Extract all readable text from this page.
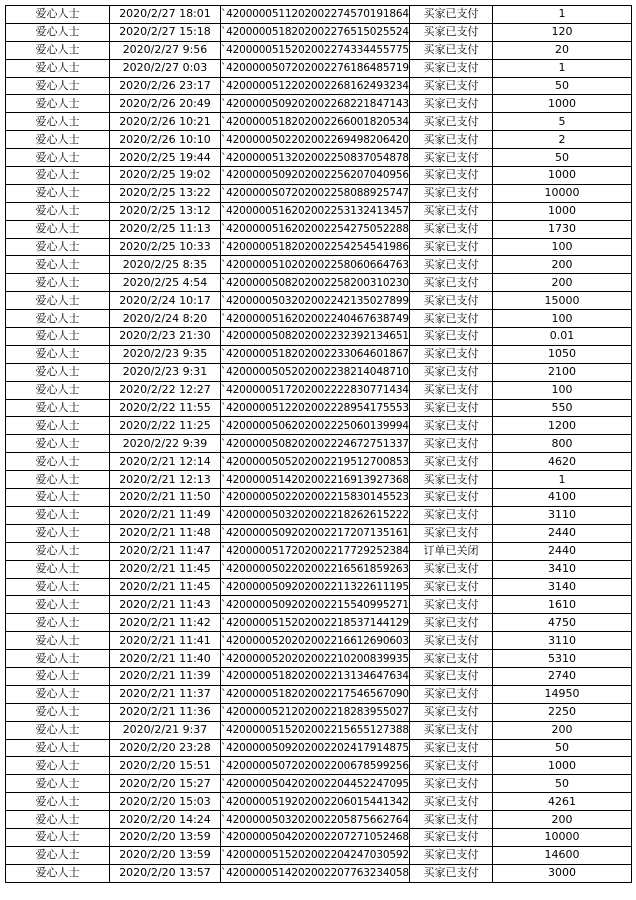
爱心人士	2020/2/27 18:01	`4200000511202002274570191864	买家已支付	1
爱心人士	2020/2/27 15:18	`4200000518202002276515025524	买家已支付	120
爱心人士	2020/2/27 9:56	`4200000515202002274334455775	买家已支付	20
爱心人士	2020/2/27 0:03	`4200000507202002276186485719	买家已支付	1
爱心人士	2020/2/26 23:17	`4200000512202002268162493234	买家已支付	50
爱心人士	2020/2/26 20:49	`4200000509202002268221847143	买家已支付	1000
爱心人士	2020/2/26 10:21	`4200000518202002266001820534	买家已支付	5
爱心人士	2020/2/26 10:10	`4200000502202002269498206420	买家已支付	2
爱心人士	2020/2/25 19:44	`4200000513202002250837054878	买家已支付	50
爱心人士	2020/2/25 19:02	`4200000509202002256207040956	买家已支付	1000
爱心人士	2020/2/25 13:22	`4200000507202002258088925747	买家已支付	10000
爱心人士	2020/2/25 13:12	`4200000516202002253132413457	买家已支付	1000
爱心人士	2020/2/25 11:13	`4200000516202002254275052288	买家已支付	1730
爱心人士	2020/2/25 10:33	`4200000518202002254254541986	买家已支付	100
爱心人士	2020/2/25 8:35	`4200000510202002258060664763	买家已支付	200
爱心人士	2020/2/25 4:54	`4200000508202002258200310230	买家已支付	200
爱心人士	2020/2/24 10:17	`4200000503202002242135027899	买家已支付	15000
爱心人士	2020/2/24 8:20	`4200000516202002240467638749	买家已支付	100
爱心人士	2020/2/23 21:30	`4200000508202002232392134651	买家已支付	0.01
爱心人士	2020/2/23 9:35	`4200000518202002233064601867	买家已支付	1050
爱心人士	2020/2/23 9:31	`4200000505202002238214048710	买家已支付	2100
爱心人士	2020/2/22 12:27	`4200000517202002222830771434	买家已支付	100
爱心人士	2020/2/22 11:55	`4200000512202002228954175553	买家已支付	550
爱心人士	2020/2/22 11:25	`4200000506202002225060139994	买家已支付	1200
爱心人士	2020/2/22 9:39	`4200000508202002224672751337	买家已支付	800
爱心人士	2020/2/21 12:14	`4200000505202002219512700853	买家已支付	4620
爱心人士	2020/2/21 12:13	`4200000514202002216913927368	买家已支付	1
爱心人士	2020/2/21 11:50	`4200000502202002215830145523	买家已支付	4100
爱心人士	2020/2/21 11:49	`4200000503202002218262615222	买家已支付	3110
爱心人士	2020/2/21 11:48	`4200000509202002217207135161	买家已支付	2440
爱心人士	2020/2/21 11:47	`4200000517202002217729252384	订单已关闭	2440
爱心人士	2020/2/21 11:45	`4200000502202002216561859263	买家已支付	3410
爱心人士	2020/2/21 11:45	`4200000509202002211322611195	买家已支付	3140
爱心人士	2020/2/21 11:43	`4200000509202002215540995271	买家已支付	1610
爱心人士	2020/2/21 11:42	`4200000515202002218537144129	买家已支付	4750
爱心人士	2020/2/21 11:41	`4200000520202002216612690603	买家已支付	3110
爱心人士	2020/2/21 11:40	`4200000520202002210200839935	买家已支付	5310
爱心人士	2020/2/21 11:39	`4200000518202002213134647634	买家已支付	2740
爱心人士	2020/2/21 11:37	`4200000518202002217546567090	买家已支付	14950
爱心人士	2020/2/21 11:36	`4200000521202002218283955027	买家已支付	2250
爱心人士	2020/2/21 9:37	`4200000515202002215655127388	买家已支付	200
爱心人士	2020/2/20 23:28	`4200000509202002202417914875	买家已支付	50
爱心人士	2020/2/20 15:51	`4200000507202002200678599256	买家已支付	1000
爱心人士	2020/2/20 15:27	`4200000504202002204452247095	买家已支付	50
爱心人士	2020/2/20 15:03	`4200000519202002206015441342	买家已支付	4261
爱心人士	2020/2/20 14:24	`4200000503202002205875662764	买家已支付	200
爱心人士	2020/2/20 13:59	`4200000504202002207271052468	买家已支付	10000
爱心人士	2020/2/20 13:59	`4200000515202002204247030592	买家已支付	14600
爱心人士	2020/2/20 13:57	`4200000514202002207763234058	买家已支付	3000
